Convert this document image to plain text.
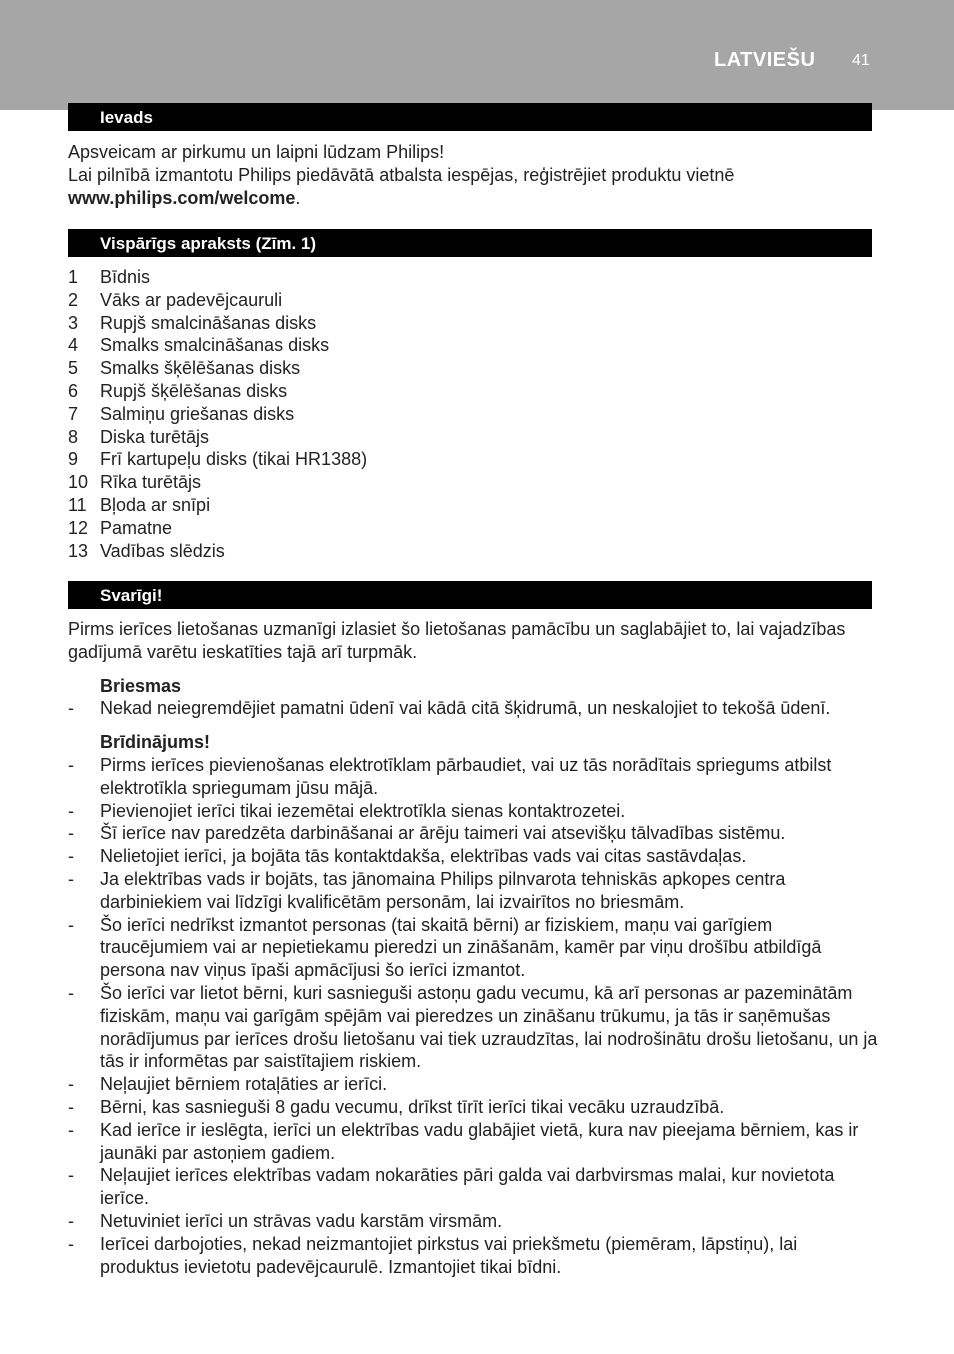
LATVIEŠU 41
Ievads

Apsveicam ar pirkumu un laipni lūdzam Philips!

Lai pilnībā izmantotu Philips piedāvātā atbalsta iespējas, reģistrējiet produktu vietnē

www.philips.com/welcome.

Vispārīgs apraksts (Zīm. 1)
1	Bīdnis
2	Vāks ar padevējcauruli
3	Rupjš smalcināšanas disks
4	Smalks smalcināšanas disks
5	Smalks šķēlēšanas disks
6	Rupjš šķēlēšanas disks
7	Salmiņu griešanas disks
8	Diska turētājs
9	Frī kartupeļu disks (tikai HR1388)
10 Rīka turētājs
11 Bļoda ar snīpi
12 Pamatne
13 Vadības slēdzis
Svarīgi!

Pirms ierīces lietošanas uzmanīgi izlasiet šo lietošanas pamācību un saglabājiet to, lai vajadzības gadījumā varētu ieskatīties tajā arī turpmāk.

Briesmas

-	Nekad neiegremdējiet pamatni ūdenī vai kādā citā šķidrumā, un neskalojiet to tekošā ūdenī.

Brīdinājums!

-	Pirms ierīces pievienošanas elektrotīklam pārbaudiet, vai uz tās norādītais spriegums atbilst elektrotīkla spriegumam jūsu mājā.
-	Pievienojiet ierīci tikai iezemētai elektrotīkla sienas kontaktrozetei.
-	Šī ierīce nav paredzēta darbināšanai ar ārēju taimeri vai atsevišķu tālvadības sistēmu.
-	Nelietojiet ierīci, ja bojāta tās kontaktdakša, elektrības vads vai citas sastāvdaļas.
-	Ja elektrības vads ir bojāts, tas jānomaina Philips pilnvarota tehniskās apkopes centra darbiniekiem vai līdzīgi kvalificētām personām, lai izvairītos no briesmām.
-	Šo ierīci nedrīkst izmantot personas (tai skaitā bērni) ar fiziskiem, maņu vai garīgiem traucējumiem vai ar nepietiekamu pieredzi un zināšanām, kamēr par viņu drošību atbildīgā persona nav viņus īpaši apmācījusi šo ierīci izmantot.
-	Šo ierīci var lietot bērni, kuri sasnieguši astoņu gadu vecumu, kā arī personas ar pazeminātām fiziskām, maņu vai garīgām spējām vai pieredzes un zināšanu trūkumu, ja tās ir saņēmušas norādījumus par ierīces drošu lietošanu vai tiek uzraudzītas, lai nodrošinātu drošu lietošanu, un ja tās ir informētas par saistītajiem riskiem.
-	Neļaujiet bērniem rotaļāties ar ierīci.
-	Bērni, kas sasnieguši 8 gadu vecumu, drīkst tīrīt ierīci tikai vecāku uzraudzībā.
-	Kad ierīce ir ieslēgta, ierīci un elektrības vadu glabājiet vietā, kura nav pieejama bērniem, kas ir jaunāki par astoņiem gadiem.
-	Neļaujiet ierīces elektrības vadam nokarāties pāri galda vai darbvirsmas malai, kur novietota ierīce.
-	Netuviniet ierīci un strāvas vadu karstām virsmām.
-	Ierīcei darbojoties, nekad neizmantojiet pirkstus vai priekšmetu (piemēram, lāpstiņu), lai produktus ievietotu padevējcaurulē. Izmantojiet tikai bīdni.
